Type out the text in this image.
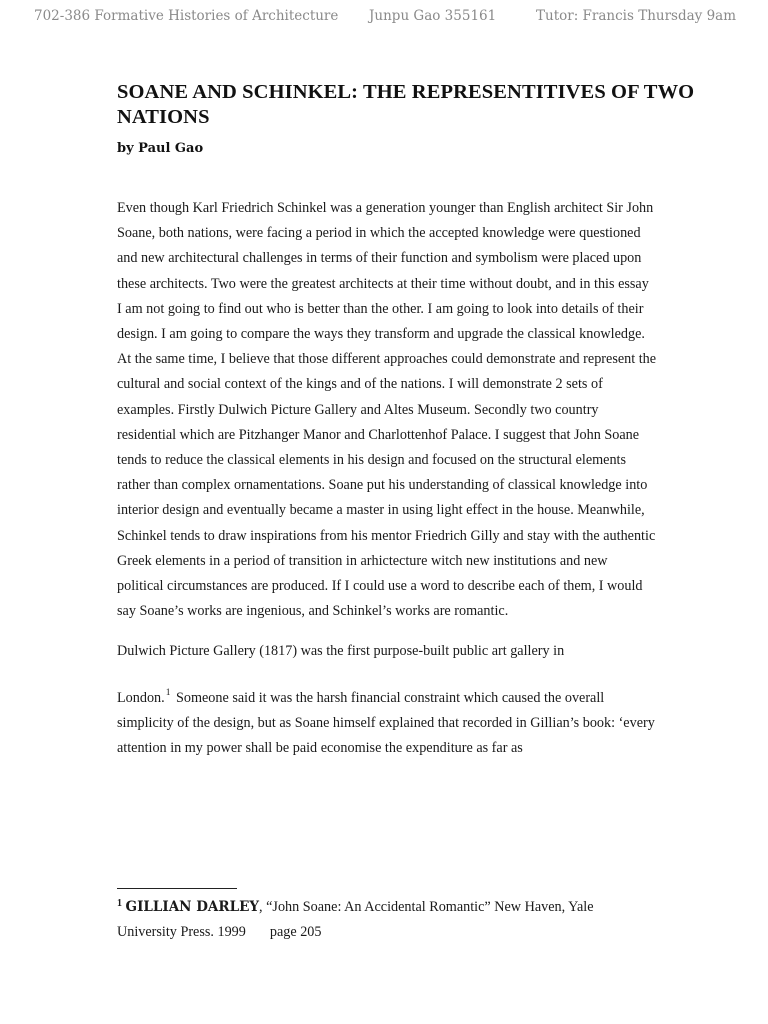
702-386 Formative Histories of Architecture Junpu Gao 355161	Tutor: Francis Thursday 9am
SOANE AND SCHINKEL: THE REPRESENTITIVES OF TWO NATIONS

by Paul Gao

Even though Karl Friedrich Schinkel was a generation younger than English architect Sir John Soane, both nations, were facing a period in which the accepted knowledge were questioned and new architectural challenges in terms of their function and symbolism were placed upon these architects. Two were the greatest architects at their time without doubt, and in this essay I am not going to find out who is better than the other. I am going to look into details of their design. I am going to compare the ways they transform and upgrade the classical knowledge. At the same time, I believe that those different approaches could demonstrate and represent the cultural and social context of the kings and of the nations. I will demonstrate 2 sets of examples. Firstly Dulwich Picture Gallery and Altes Museum. Secondly two country residential which are Pitzhanger Manor and Charlottenhof Palace. I suggest that John Soane tends to reduce the classical elements in his design and focused on the structural elements rather than complex ornamentations. Soane put his understanding of classical knowledge into interior design and eventually became a master in using light effect in the house. Meanwhile, Schinkel tends to draw inspirations from his mentor Friedrich Gilly and stay with the authentic Greek elements in a period of transition in arhictecture witch new institutions and new political circumstances are produced. If I could use a word to describe each of them, I would say Soane’s works are ingenious, and Schinkel’s works are romantic.

Dulwich Picture Gallery (1817) was the first purpose-built public art gallery in
London.$^1$ Someone said it was the harsh financial constraint which caused the overall simplicity of the design, but as Soane himself explained that recorded in Gillian’s book: ‘every attention in my power shall be paid economise the expenditure as far as

$^1$ GILLIAN DARLEY, “John Soane: An Accidental Romantic” New Haven, Yale University Press. 1999 page 205
